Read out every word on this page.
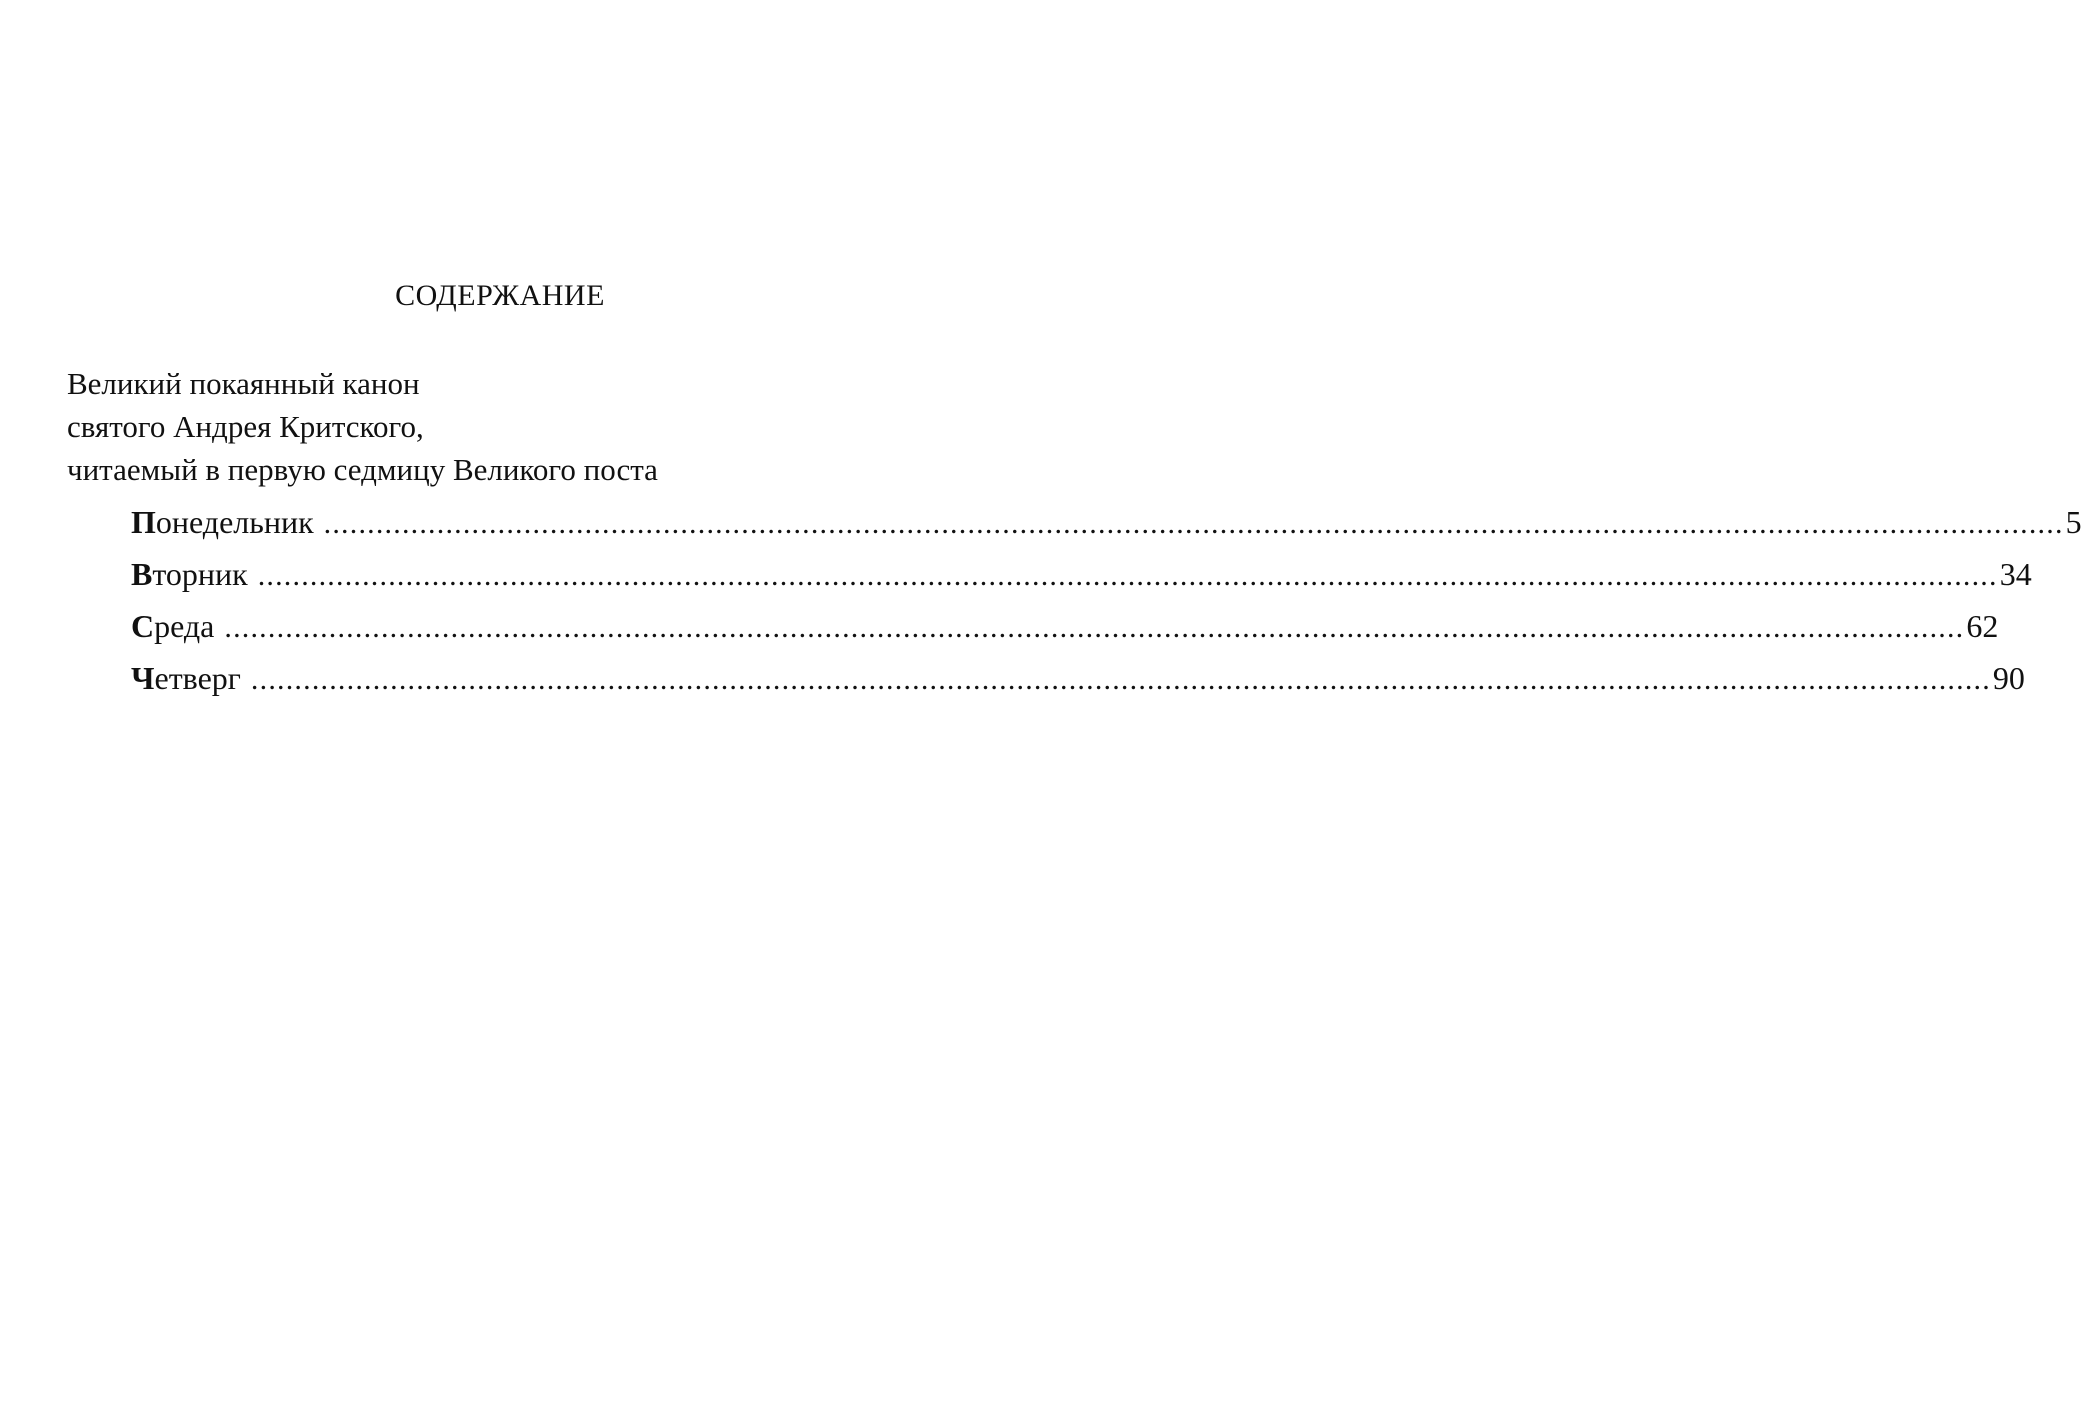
СОДЕРЖАНИЕ
Великий покаянный канон
святого Андрея Критского,
читаемый в первую седмицу Великого поста
Понедельник ........................................................................................................................................................................................................ 5
Вторник ........................................................................................................................................................................................................ 34
Среда ........................................................................................................................................................................................................ 62
Четверг ........................................................................................................................................................................................................ 90
